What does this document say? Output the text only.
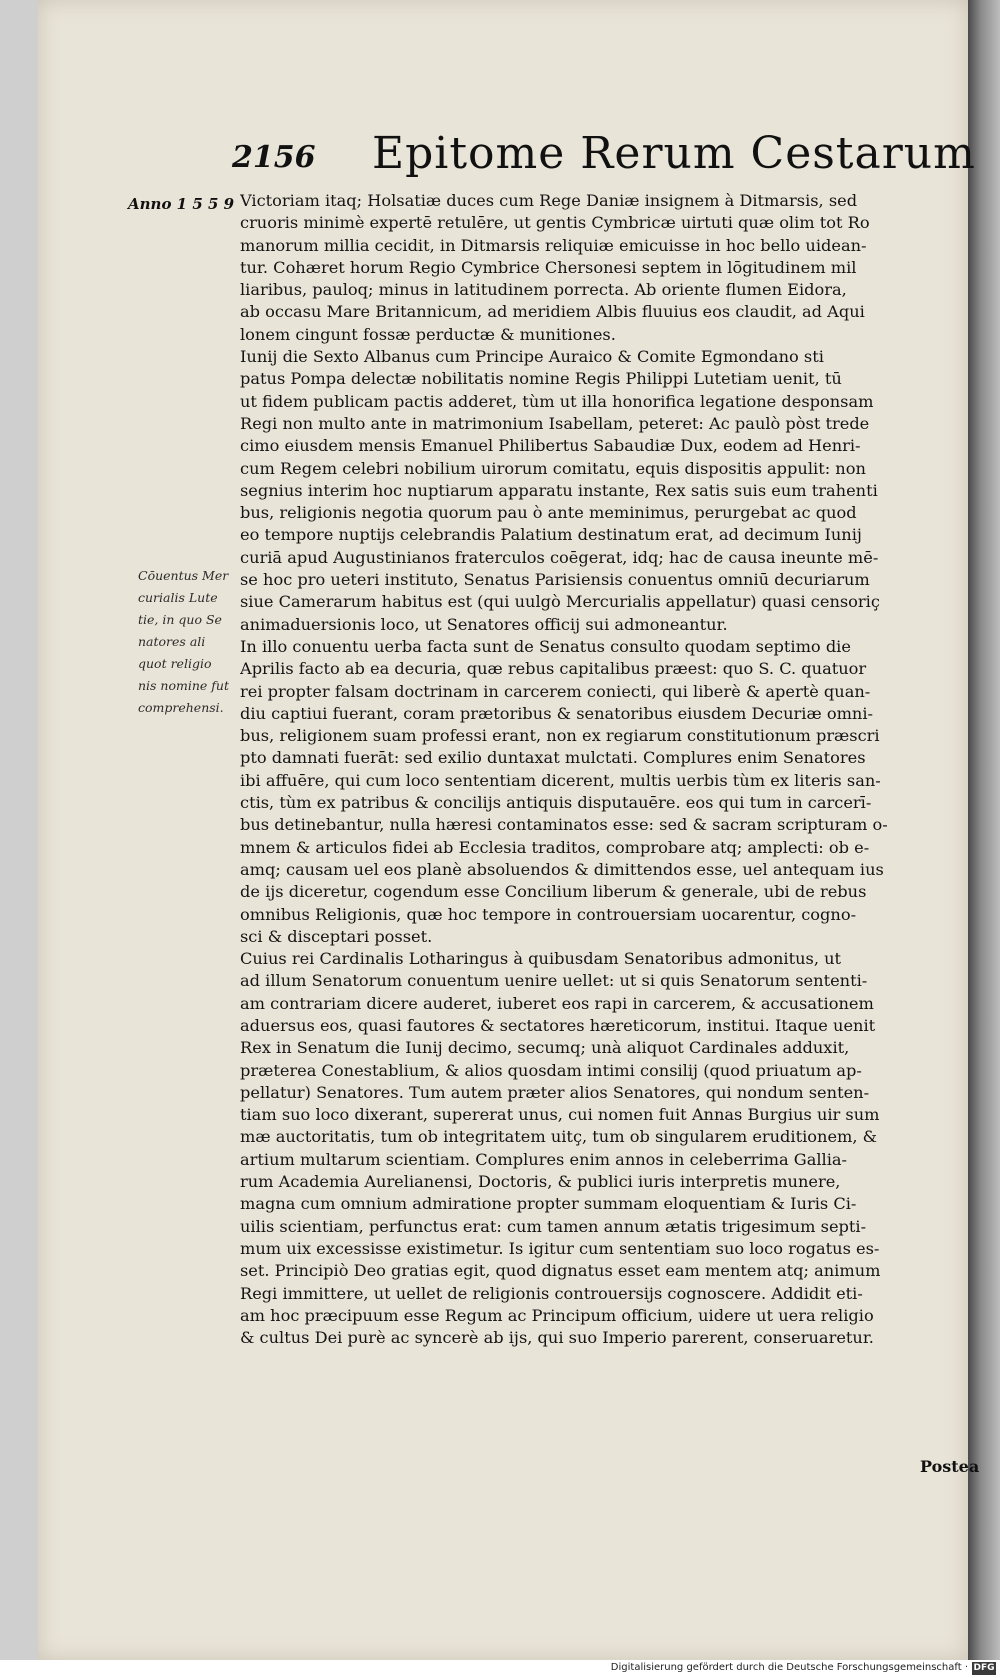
2156 Epitome Rerum Cestarum
Anno 1 5 5 9
Cōuentus Mer
curialis Lute
tie, in quo Se
natores ali
quot religio
nis nomine fut
comprehensi.
Victoriam itaq; Holsatiæ duces cum Rege Daniæ insignem à Ditmarsis, sed
cruoris minimè expertē retulēre, ut gentis Cymbricæ uirtuti quæ olim tot Ro
manorum millia cecidit, in Ditmarsis reliquiæ emicuisse in hoc bello uidean-
tur. Cohæret horum Regio Cymbrice Chersonesi septem in lōgitudinem mil
liaribus, pauloq; minus in latitudinem porrecta. Ab oriente flumen Eidora,
ab occasu Mare Britannicum, ad meridiem Albis fluuius eos claudit, ad Aqui
lonem cingunt fossæ perductæ & munitiones.
Iunij die Sexto Albanus cum Principe Auraico & Comite Egmondano sti
patus Pompa delectæ nobilitatis nomine Regis Philippi Lutetiam uenit, tū
ut fidem publicam pactis adderet, tùm ut illa honorifica legatione desponsam
Regi non multo ante in matrimonium Isabellam, peteret: Ac paulò pòst trede
cimo eiusdem mensis Emanuel Philibertus Sabaudiæ Dux, eodem ad Henri-
cum Regem celebri nobilium uirorum comitatu, equis dispositis appulit: non
segnius interim hoc nuptiarum apparatu instante, Rex satis suis eum trahenti
bus, religionis negotia quorum pau ò ante meminimus, perurgebat ac quod
eo tempore nuptijs celebrandis Palatium destinatum erat, ad decimum Iunij
curiā apud Augustinianos fraterculos coēgerat, idq; hac de causa ineunte mē-
se hoc pro ueteri instituto, Senatus Parisiensis conuentus omniū decuriarum
siue Camerarum habitus est (qui uulgò Mercurialis appellatur) quasi censoriç
animaduersionis loco, ut Senatores officij sui admoneantur.
In illo conuentu uerba facta sunt de Senatus consulto quodam septimo die
Aprilis facto ab ea decuria, quæ rebus capitalibus præest: quo S. C. quatuor
rei propter falsam doctrinam in carcerem coniecti, qui liberè & apertè quan-
diu captiui fuerant, coram prætoribus & senatoribus eiusdem Decuriæ omni-
bus, religionem suam professi erant, non ex regiarum constitutionum præscri
pto damnati fuerāt: sed exilio duntaxat mulctati. Complures enim Senatores
ibi affuēre, qui cum loco sententiam dicerent, multis uerbis tùm ex literis san-
ctis, tùm ex patribus & concilijs antiquis disputauēre. eos qui tum in carcerī-
bus detinebantur, nulla hæresi contaminatos esse: sed & sacram scripturam o-
mnem & articulos fidei ab Ecclesia traditos, comprobare atq; amplecti: ob e-
amq; causam uel eos planè absoluendos & dimittendos esse, uel antequam ius
de ijs diceretur, cogendum esse Concilium liberum & generale, ubi de rebus
omnibus Religionis, quæ hoc tempore in controuersiam uocarentur, cogno-
sci & disceptari posset.
Cuius rei Cardinalis Lotharingus à quibusdam Senatoribus admonitus, ut
ad illum Senatorum conuentum uenire uellet: ut si quis Senatorum sententi-
am contrariam dicere auderet, iuberet eos rapi in carcerem, & accusationem
aduersus eos, quasi fautores & sectatores hæreticorum, institui. Itaque uenit
Rex in Senatum die Iunij decimo, secumq; unà aliquot Cardinales adduxit,
præterea Conestablium, & alios quosdam intimi consilij (quod priuatum ap-
pellatur) Senatores. Tum autem præter alios Senatores, qui nondum senten-
tiam suo loco dixerant, supererat unus, cui nomen fuit Annas Burgius uir sum
mæ auctoritatis, tum ob integritatem uitç, tum ob singularem eruditionem, &
artium multarum scientiam. Complures enim annos in celeberrima Gallia-
rum Academia Aurelianensi, Doctoris, & publici iuris interpretis munere,
magna cum omnium admiratione propter summam eloquentiam & Iuris Ci-
uilis scientiam, perfunctus erat: cum tamen annum ætatis trigesimum septi-
mum uix excessisse existimetur. Is igitur cum sententiam suo loco rogatus es-
set. Principiò Deo gratias egit, quod dignatus esset eam mentem atq; animum
Regi immittere, ut uellet de religionis controuersijs cognoscere. Addidit eti-
am hoc præcipuum esse Regum ac Principum officium, uidere ut uera religio
& cultus Dei purè ac syncerè ab ijs, qui suo Imperio parerent, conseruaretur.
Postea
Digitalisierung gefördert durch die Deutsche Forschungsgemeinschaft · DFG
